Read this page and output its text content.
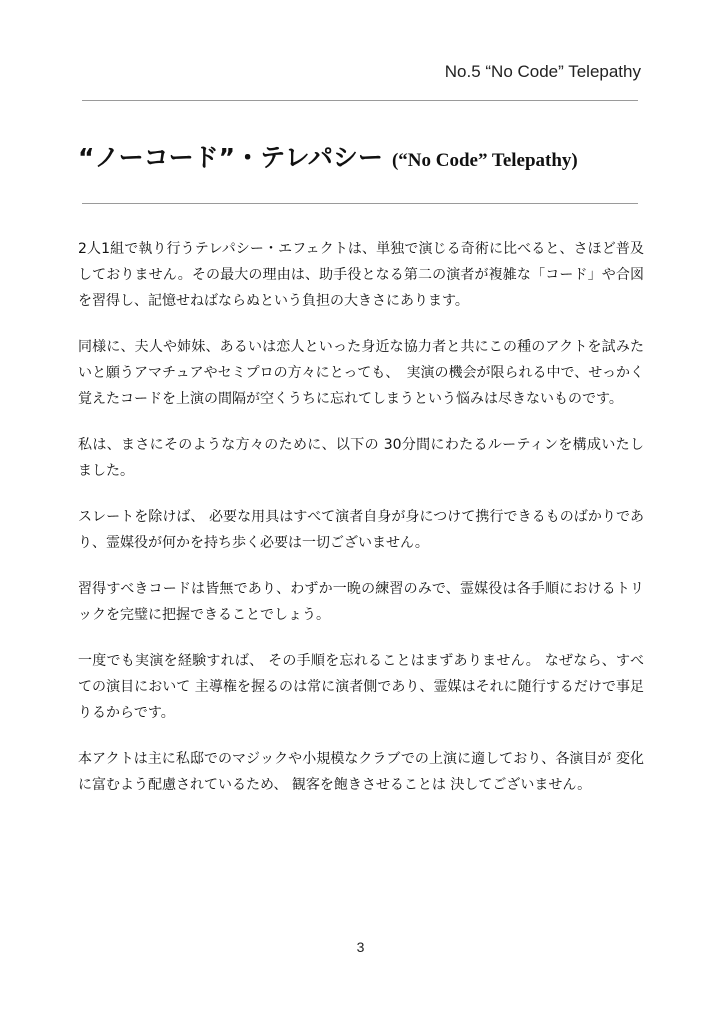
No.5 “No Code” Telepathy
“ノーコード”・テレパシー (“No Code” Telepathy)

2人1組で執り行うテレパシー・エフェクトは、単独で演じる奇術に比べると、さほど普及しておりません。その最大の理由は、助手役となる第二の演者が複雑な「コード」や合図を習得し、記憶せねばならぬという負担の大きさにあります。

同様に、夫人や姉妹、あるいは恋人といった身近な協力者と共にこの種のアクトを試みたいと願うアマチュアやセミプロの方々にとっても、　実演の機会が限られる中で、せっかく覚えたコードを上演の間隔が空くうちに忘れてしまうという悩みは尽きないものです。

私は、まさにそのような方々のために、以下の 30分間にわたるルーティンを構成いたしました。

スレートを除けば、 必要な用具はすべて演者自身が身につけて携行できるものばかりであり、霊媒役が何かを持ち歩く必要は一切ございません。

習得すべきコードは皆無であり、わずか一晩の練習のみで、霊媒役は各手順におけるトリックを完璧に把握できることでしょう。

一度でも実演を経験すれば、 その手順を忘れることはまずありません。 なぜなら、すべての演目において 主導権を握るのは常に演者側であり、霊媒はそれに随行するだけで事足りるからです。

本アクトは主に私邸でのマジックや小規模なクラブでの上演に適しており、各演目が 変化に富むよう配慮されているため、 観客を飽きさせることは 決してございません。

3
